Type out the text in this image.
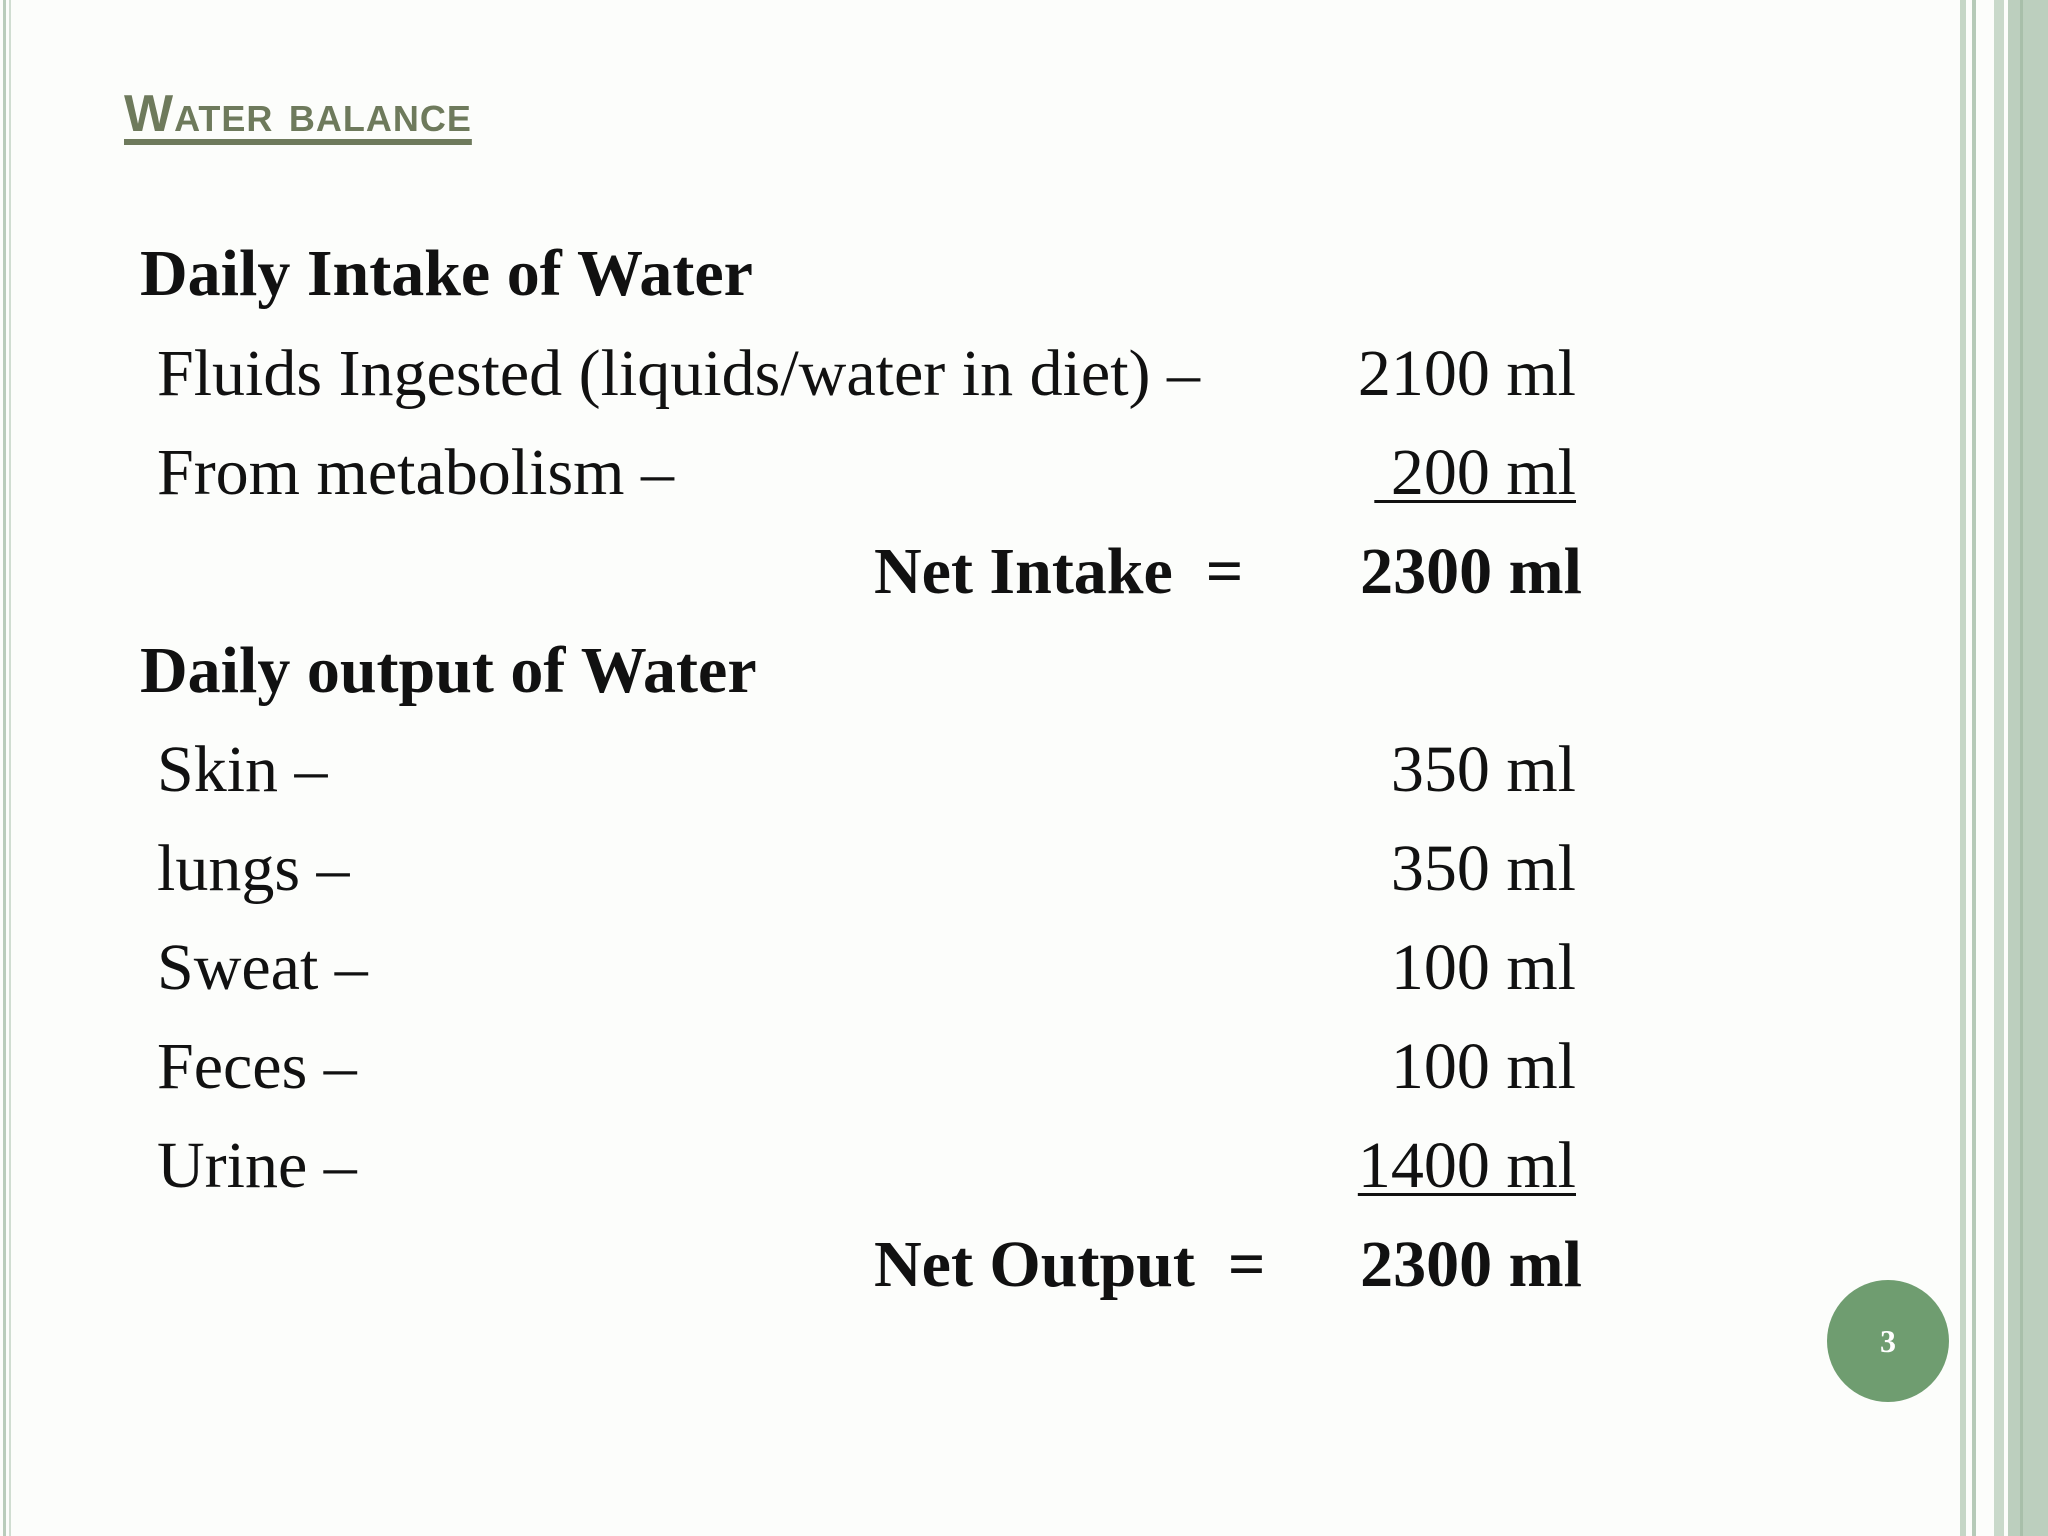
Water balance
Daily Intake of Water
Fluids Ingested (liquids/water in diet) – 2100 ml
From metabolism –	200 ml
Net Intake  = 2300 ml
Daily output of Water
Skin –	350 ml
lungs –	350 ml
Sweat –	100 ml
Feces –	100 ml
Urine –	1400 ml
Net Output  = 2300 ml
3
